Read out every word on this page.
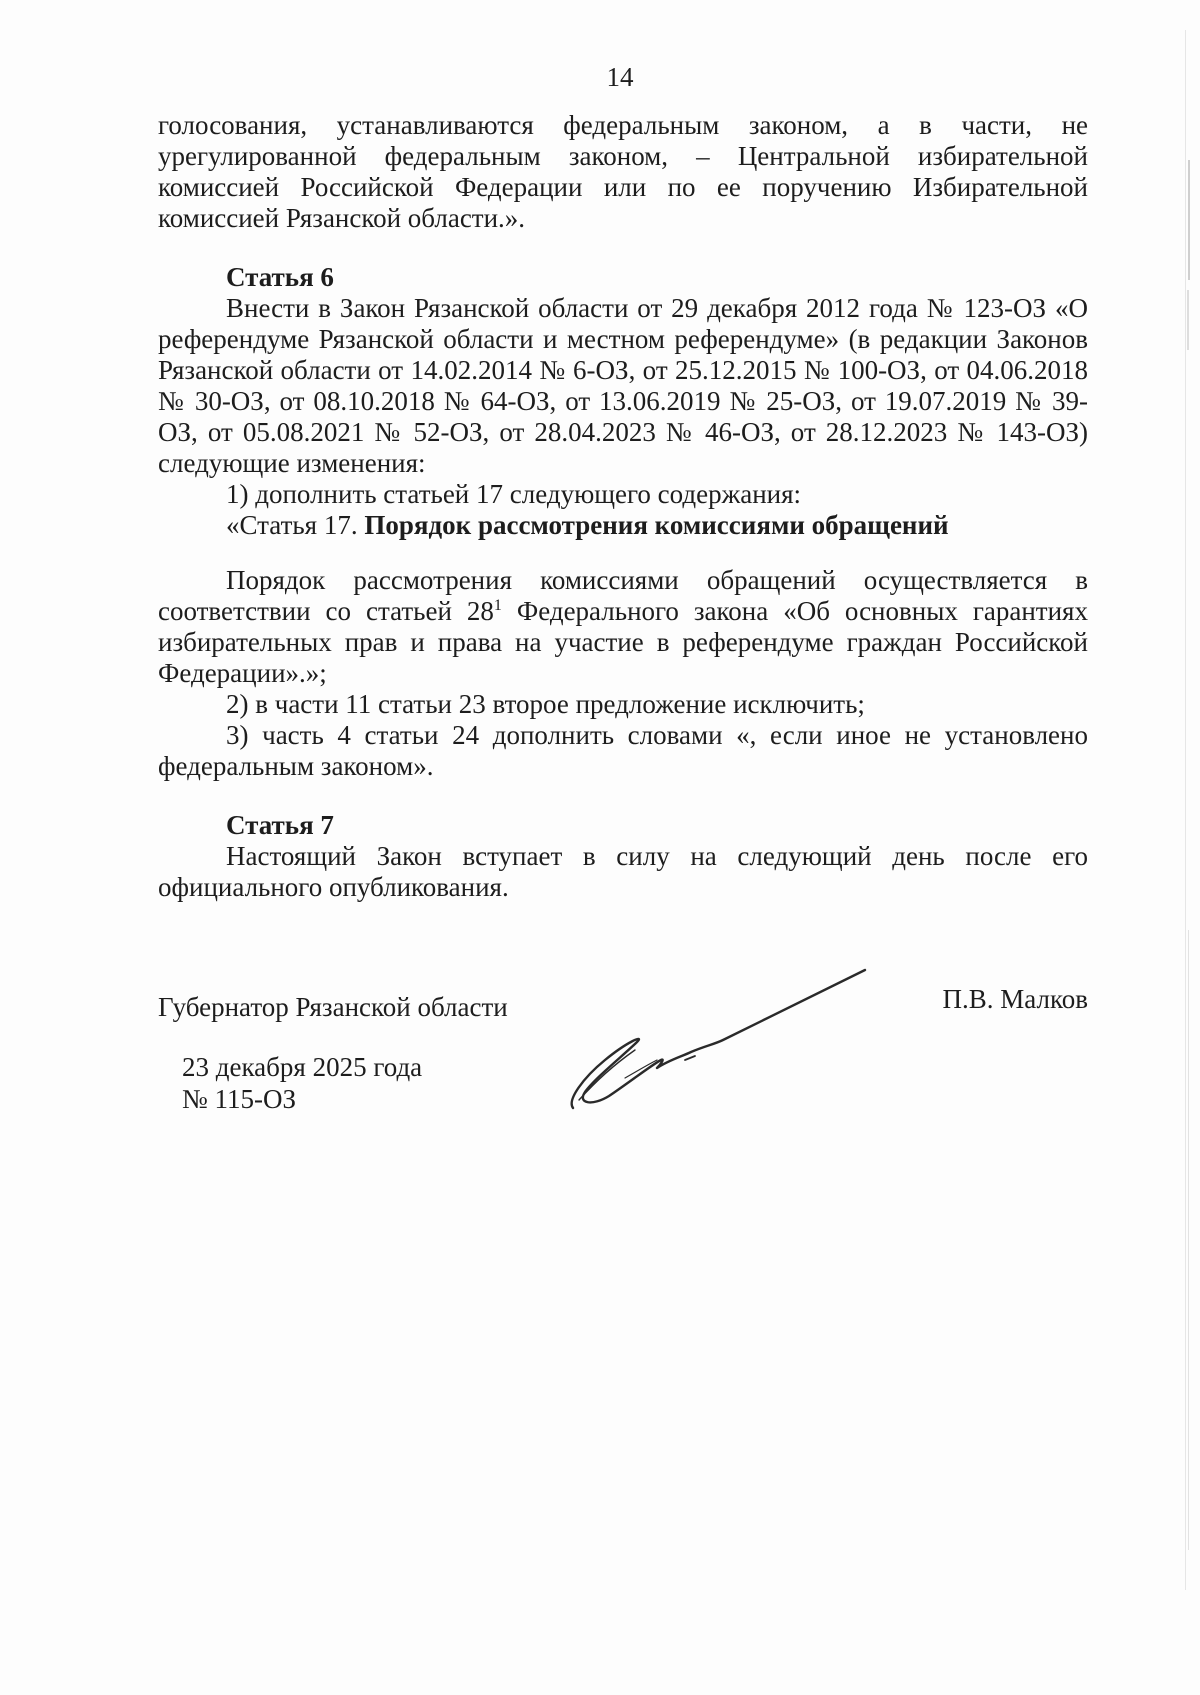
14

голосования, устанавливаются федеральным законом, а в части, не урегулированной федеральным законом, – Центральной избирательной комиссией Российской Федерации или по ее поручению Избирательной комиссией Рязанской области.».

Статья 6

Внести в Закон Рязанской области от 29 декабря 2012 года № 123-ОЗ «О референдуме Рязанской области и местном референдуме» (в редакции Законов Рязанской области от 14.02.2014 № 6-ОЗ, от 25.12.2015 № 100-ОЗ, от 04.06.2018 № 30-ОЗ, от 08.10.2018 № 64-ОЗ, от 13.06.2019 № 25-ОЗ, от 19.07.2019 № 39-ОЗ, от 05.08.2021 № 52-ОЗ, от 28.04.2023 № 46-ОЗ, от 28.12.2023 № 143-ОЗ) следующие изменения:

1) дополнить статьей 17 следующего содержания:

«Статья 17. Порядок рассмотрения комиссиями обращений

Порядок рассмотрения комиссиями обращений осуществляется в соответствии со статьей $28^1$ Федерального закона «Об основных гарантиях избирательных прав и права на участие в референдуме граждан Российской Федерации».»;

2) в части 11 статьи 23 второе предложение исключить;

3) часть 4 статьи 24 дополнить словами «, если иное не установлено федеральным законом».

Статья 7

Настоящий Закон вступает в силу на следующий день после его официального опубликования.

Губернатор Рязанской области	П.В. Малков
23 декабря 2025 года
№ 115-ОЗ
